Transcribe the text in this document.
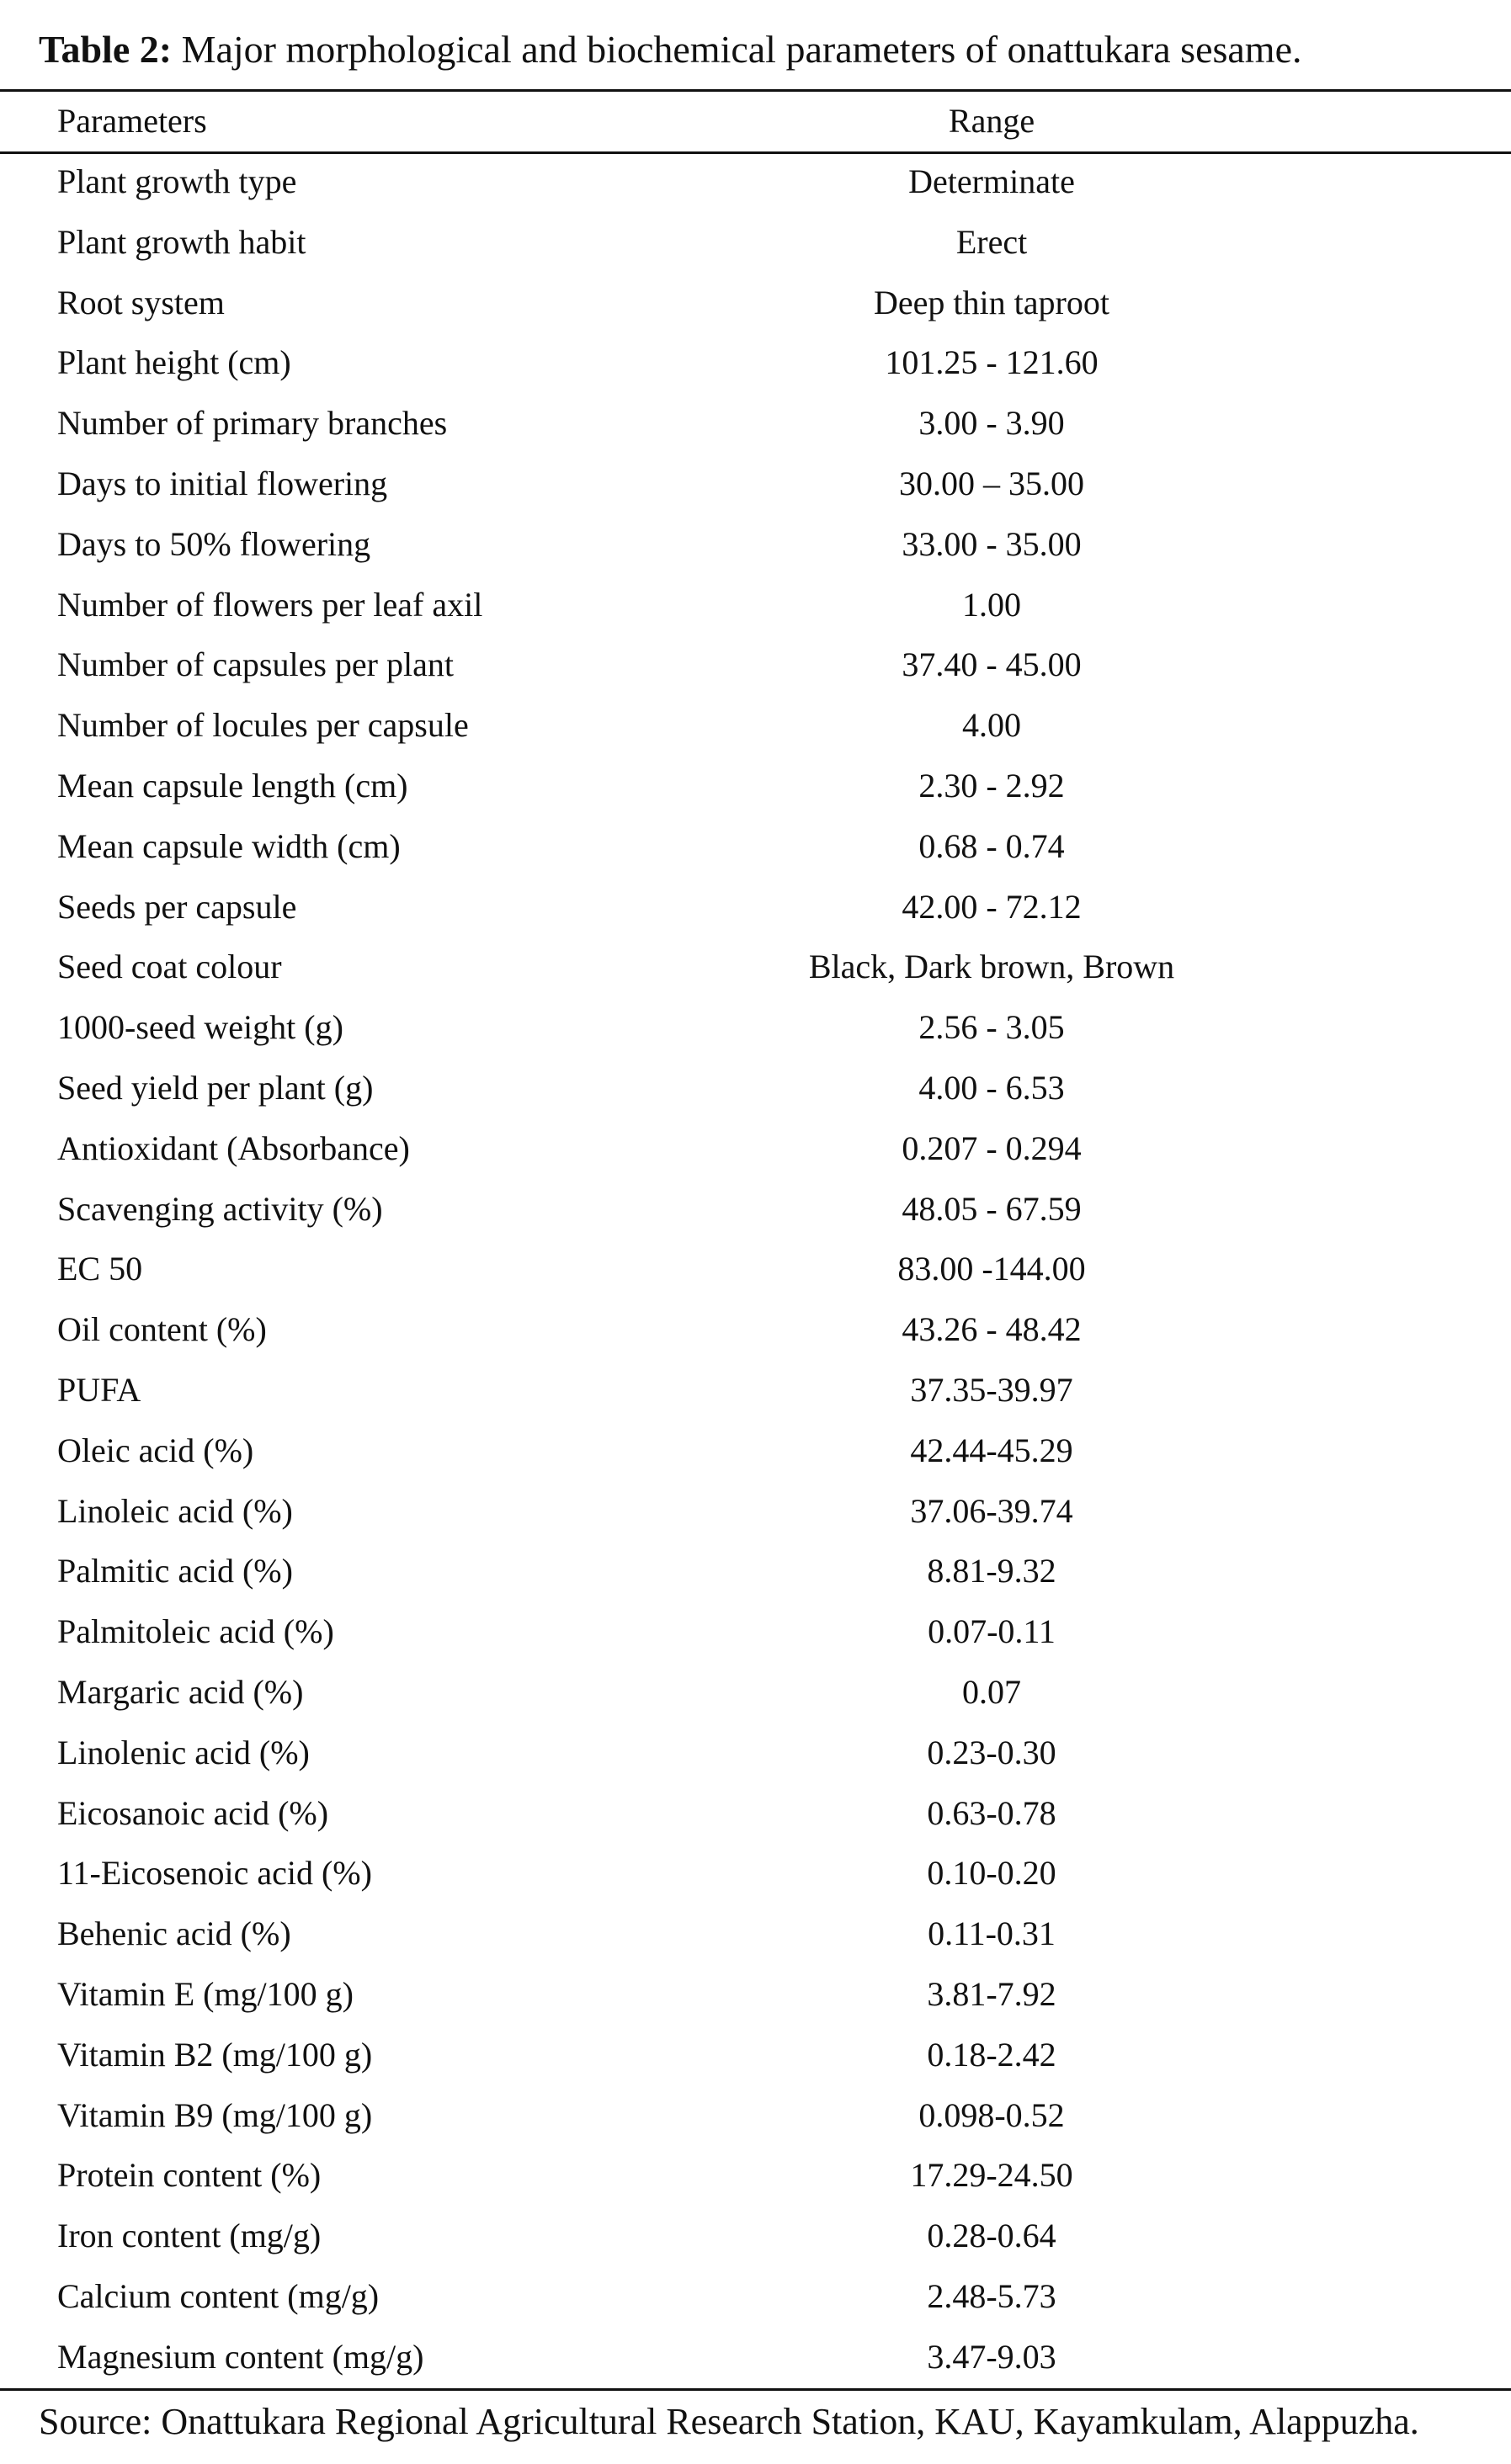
Table 2: Major morphological and biochemical parameters of onattukara sesame.
Parameters	Range
Plant growth type	Determinate
Plant growth habit	Erect
Root system	Deep thin taproot
Plant height (cm)	101.25 - 121.60
Number of primary branches	3.00 - 3.90
Days to initial flowering	30.00 – 35.00
Days to 50% flowering	33.00 - 35.00
Number of flowers per leaf axil	1.00
Number of capsules per plant	37.40 - 45.00
Number of locules per capsule	4.00
Mean capsule length (cm)	2.30 - 2.92
Mean capsule width (cm)	0.68 - 0.74
Seeds per capsule	42.00 - 72.12
Seed coat colour	Black, Dark brown, Brown
1000-seed weight (g)	2.56 - 3.05
Seed yield per plant (g)	4.00 - 6.53
Antioxidant (Absorbance)	0.207 - 0.294
Scavenging activity (%)	48.05 - 67.59
EC 50	83.00 -144.00
Oil content (%)	43.26 - 48.42
PUFA	37.35-39.97
Oleic acid (%)	42.44-45.29
Linoleic acid (%)	37.06-39.74
Palmitic acid (%)	8.81-9.32
Palmitoleic acid (%)	0.07-0.11
Margaric acid (%)	0.07
Linolenic acid (%)	0.23-0.30
Eicosanoic acid (%)	0.63-0.78
11-Eicosenoic acid (%)	0.10-0.20
Behenic acid (%)	0.11-0.31
Vitamin E (mg/100 g)	3.81-7.92
Vitamin B2 (mg/100 g)	0.18-2.42
Vitamin B9 (mg/100 g)	0.098-0.52
Protein content (%)	17.29-24.50
Iron content (mg/g)	0.28-0.64
Calcium content (mg/g)	2.48-5.73
Magnesium content (mg/g)	3.47-9.03
Source: Onattukara Regional Agricultural Research Station, KAU, Kayamkulam, Alappuzha.
